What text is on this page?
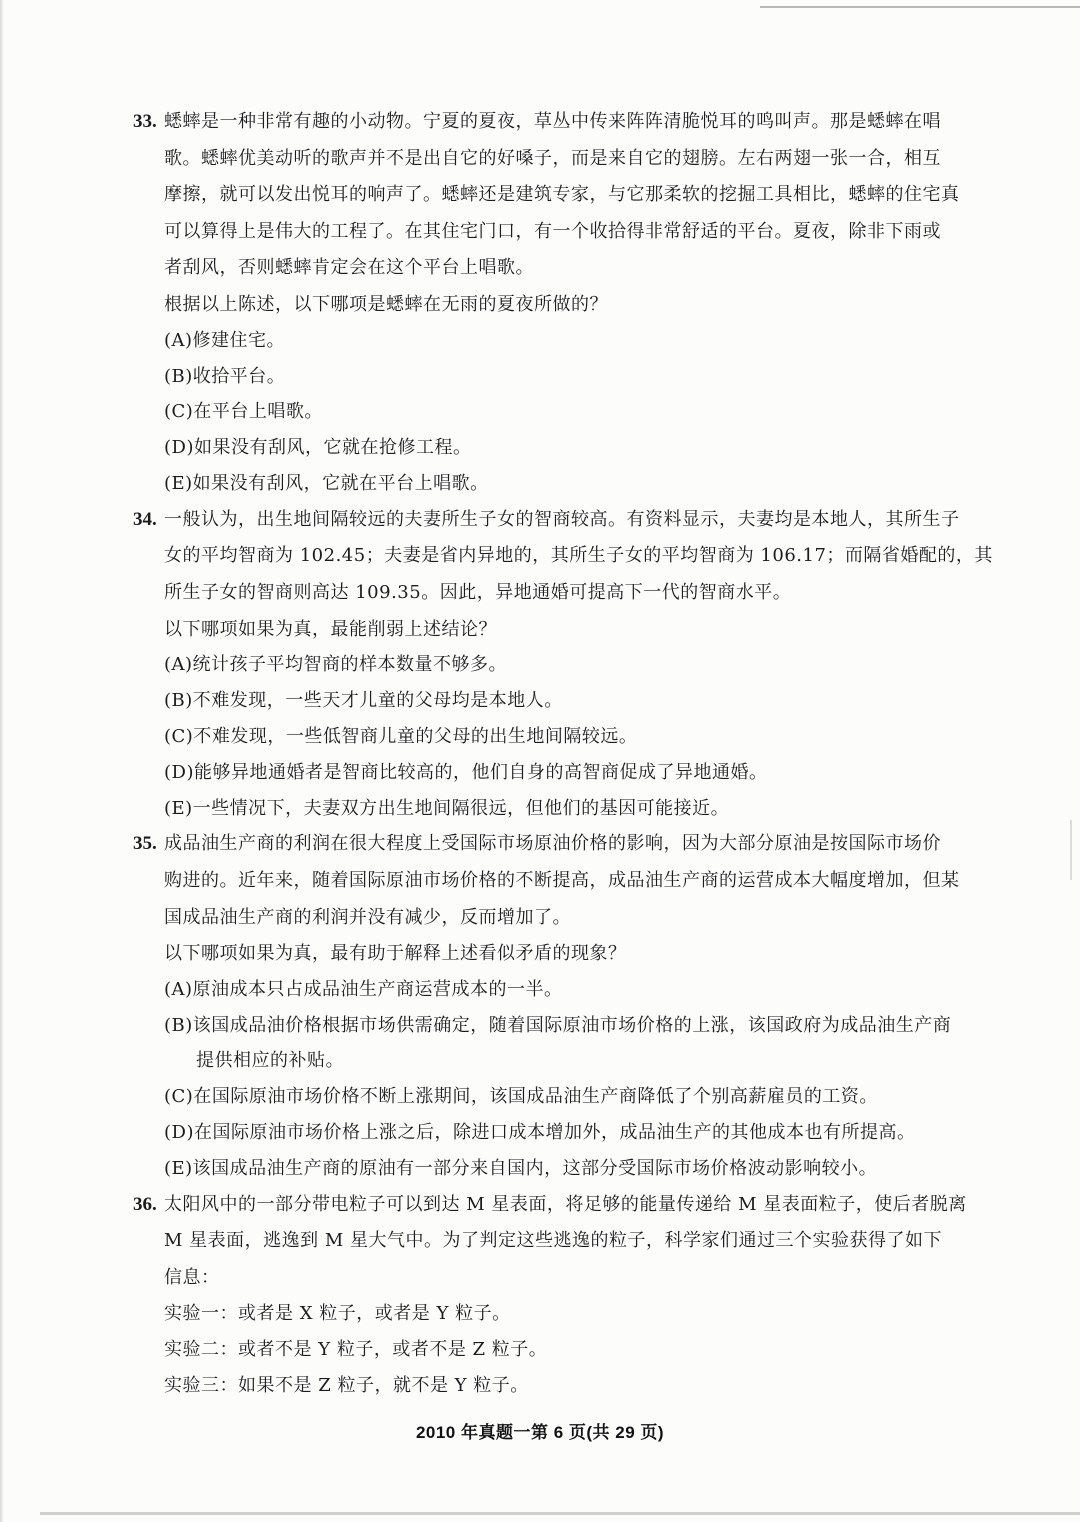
33. 蟋蟀是一种非常有趣的小动物。宁夏的夏夜，草丛中传来阵阵清脆悦耳的鸣叫声。那是蟋蟀在唱
歌。蟋蟀优美动听的歌声并不是出自它的好嗓子，而是来自它的翅膀。左右两翅一张一合，相互
摩擦，就可以发出悦耳的响声了。蟋蟀还是建筑专家，与它那柔软的挖掘工具相比，蟋蟀的住宅真
可以算得上是伟大的工程了。在其住宅门口，有一个收拾得非常舒适的平台。夏夜，除非下雨或
者刮风，否则蟋蟀肯定会在这个平台上唱歌。
根据以上陈述，以下哪项是蟋蟀在无雨的夏夜所做的？
(A)修建住宅。
(B)收拾平台。
(C)在平台上唱歌。
(D)如果没有刮风，它就在抢修工程。
(E)如果没有刮风，它就在平台上唱歌。
34. 一般认为，出生地间隔较远的夫妻所生子女的智商较高。有资料显示，夫妻均是本地人，其所生子
女的平均智商为 102.45；夫妻是省内异地的，其所生子女的平均智商为 106.17；而隔省婚配的，其
所生子女的智商则高达 109.35。因此，异地通婚可提高下一代的智商水平。
以下哪项如果为真，最能削弱上述结论？
(A)统计孩子平均智商的样本数量不够多。
(B)不难发现，一些天才儿童的父母均是本地人。
(C)不难发现，一些低智商儿童的父母的出生地间隔较远。
(D)能够异地通婚者是智商比较高的，他们自身的高智商促成了异地通婚。
(E)一些情况下，夫妻双方出生地间隔很远，但他们的基因可能接近。
35. 成品油生产商的利润在很大程度上受国际市场原油价格的影响，因为大部分原油是按国际市场价
购进的。近年来，随着国际原油市场价格的不断提高，成品油生产商的运营成本大幅度增加，但某
国成品油生产商的利润并没有减少，反而增加了。
以下哪项如果为真，最有助于解释上述看似矛盾的现象？
(A)原油成本只占成品油生产商运营成本的一半。
(B)该国成品油价格根据市场供需确定，随着国际原油市场价格的上涨，该国政府为成品油生产商
提供相应的补贴。
(C)在国际原油市场价格不断上涨期间，该国成品油生产商降低了个别高薪雇员的工资。
(D)在国际原油市场价格上涨之后，除进口成本增加外，成品油生产的其他成本也有所提高。
(E)该国成品油生产商的原油有一部分来自国内，这部分受国际市场价格波动影响较小。
36. 太阳风中的一部分带电粒子可以到达 M 星表面，将足够的能量传递给 M 星表面粒子，使后者脱离
M 星表面，逃逸到 M 星大气中。为了判定这些逃逸的粒子，科学家们通过三个实验获得了如下
信息：
实验一：或者是 X 粒子，或者是 Y 粒子。
实验二：或者不是 Y 粒子，或者不是 Z 粒子。
实验三：如果不是 Z 粒子，就不是 Y 粒子。
2010 年真题一第 6 页(共 29 页)
